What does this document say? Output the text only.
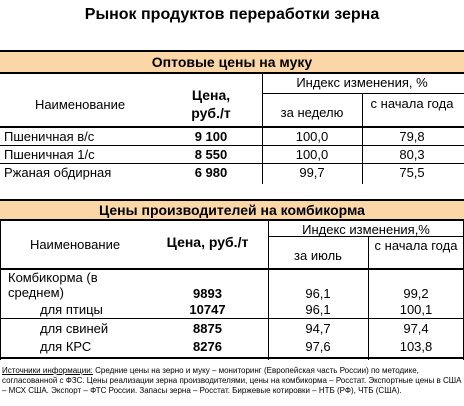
Рынок продуктов переработки зерна
Оптовые цены на муку
Наименование
Цена, руб./т
Индекс изменения, %
за неделю
с начала года
Пшеничная в/с	9 100	100,0	79,8
Пшеничная 1/с	8 550	100,0	80,3
Ржаная обдирная	6 980	99,7	75,5
Цены производителей на комбикорма
Наименование	Цена, руб./т
Индекс изменения,%
за июль
с начала года
Комбикорма (в среднем)	9893	96,1	99,2
для птицы	10747	96,1	100,1
для свиней	8875	94,7	97,4
для КРС	8276	97,6	103,8
Источники информации: Средние цены на зерно и муку – мониторинг (Европейская часть России) по методике, согласованной с ФЗС. Цены реализации зерна производителями, цены на комбикорма – Росстат. Экспортные цены в США – МСХ США. Экспорт – ФТС России. Запасы зерна – Росстат. Биржевые котировки – НТБ (РФ), ЧТБ (США).
